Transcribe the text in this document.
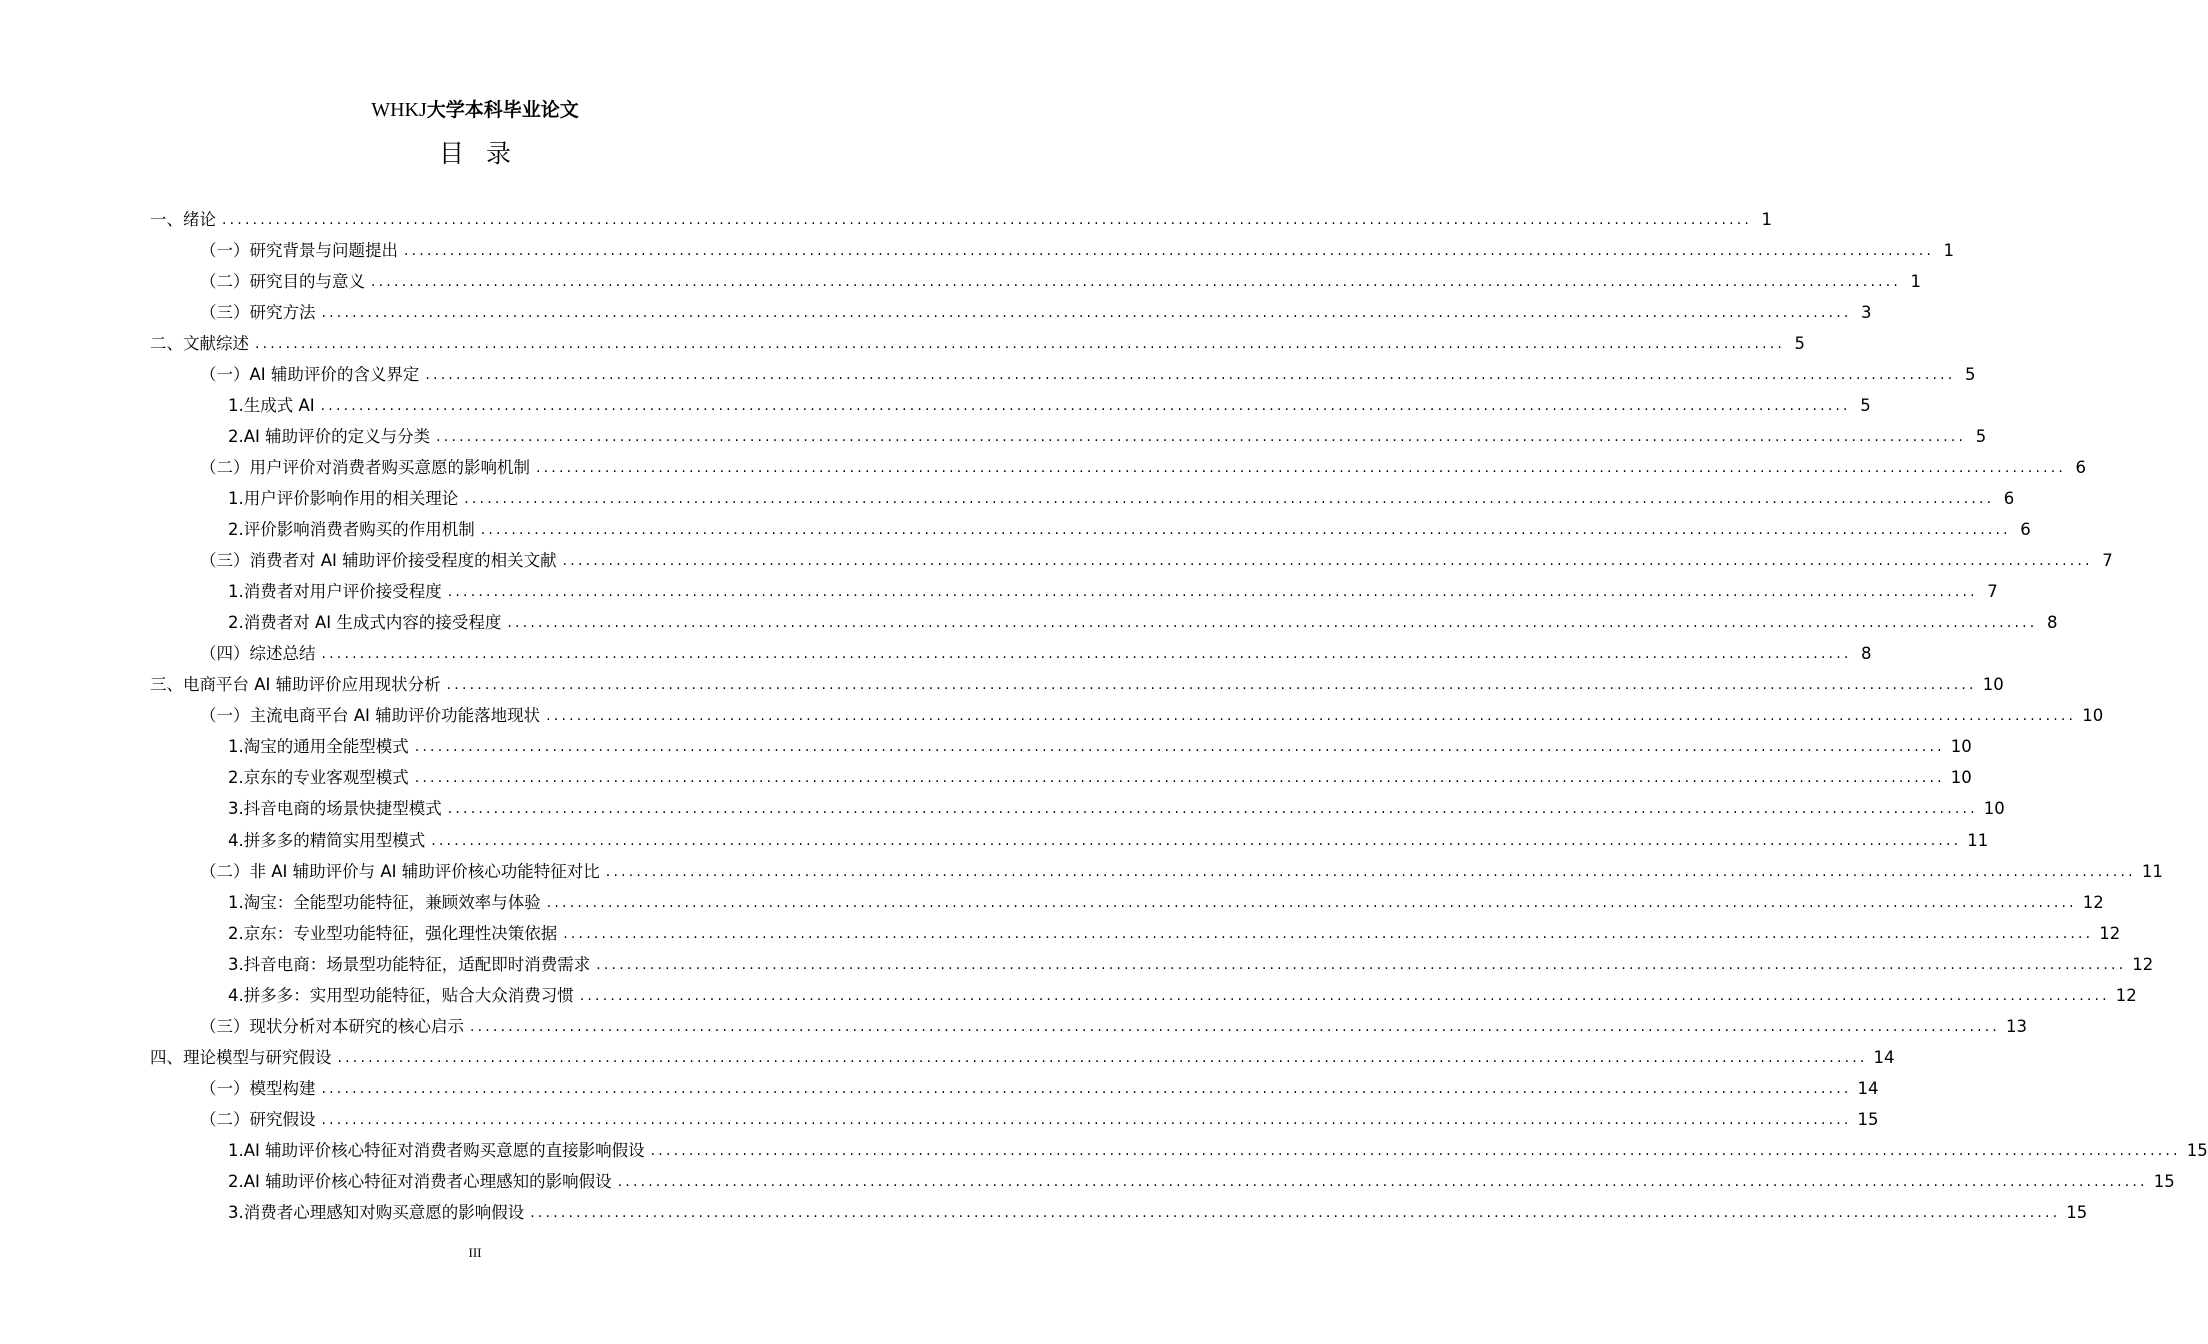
WHKJ大学本科毕业论文
目录
一、 绪论 ........................................................................................................................................................................................................ 1
（一）研究背景与问题提出 ........................................................................................................................................................................................................ 1
（二）研究目的与意义 ........................................................................................................................................................................................................ 1
（三）研究方法 ........................................................................................................................................................................................................ 3
二、 文献综述 ........................................................................................................................................................................................................ 5
（一）AI 辅助评价的含义界定 ........................................................................................................................................................................................................ 5
1.生成式 AI ........................................................................................................................................................................................................ 5
2.AI 辅助评价的定义与分类 ........................................................................................................................................................................................................ 5
（二）用户评价对消费者购买意愿的影响机制 ........................................................................................................................................................................................................ 6
1.用户评价影响作用的相关理论 ........................................................................................................................................................................................................ 6
2.评价影响消费者购买的作用机制 ........................................................................................................................................................................................................ 6
（三）消费者对 AI 辅助评价接受程度的相关文献 ........................................................................................................................................................................................................ 7
1.消费者对用户评价接受程度 ........................................................................................................................................................................................................ 7
2.消费者对 AI 生成式内容的接受程度 ........................................................................................................................................................................................................ 8
（四）综述总结 ........................................................................................................................................................................................................ 8
三、 电商平台 AI 辅助评价应用现状分析 ........................................................................................................................................................................................................ 10
（一）主流电商平台 AI 辅助评价功能落地现状 ........................................................................................................................................................................................................ 10
1.淘宝的通用全能型模式 ........................................................................................................................................................................................................ 10
2.京东的专业客观型模式 ........................................................................................................................................................................................................ 10
3.抖音电商的场景快捷型模式 ........................................................................................................................................................................................................ 10
4.拼多多的精简实用型模式 ........................................................................................................................................................................................................ 11
（二）非 AI 辅助评价与 AI 辅助评价核心功能特征对比 ........................................................................................................................................................................................................ 11
1.淘宝：全能型功能特征，兼顾效率与体验 ........................................................................................................................................................................................................ 12
2.京东：专业型功能特征，强化理性决策依据 ........................................................................................................................................................................................................ 12
3.抖音电商：场景型功能特征，适配即时消费需求 ........................................................................................................................................................................................................ 12
4.拼多多：实用型功能特征，贴合大众消费习惯 ........................................................................................................................................................................................................ 12
（三）现状分析对本研究的核心启示 ........................................................................................................................................................................................................ 13
四、 理论模型与研究假设 ........................................................................................................................................................................................................ 14
（一）模型构建 ........................................................................................................................................................................................................ 14
（二）研究假设 ........................................................................................................................................................................................................ 15
1.AI 辅助评价核心特征对消费者购买意愿的直接影响假设 ........................................................................................................................................................................................................ 15
2.AI 辅助评价核心特征对消费者心理感知的影响假设 ........................................................................................................................................................................................................ 15
3.消费者心理感知对购买意愿的影响假设 ........................................................................................................................................................................................................ 15
III
